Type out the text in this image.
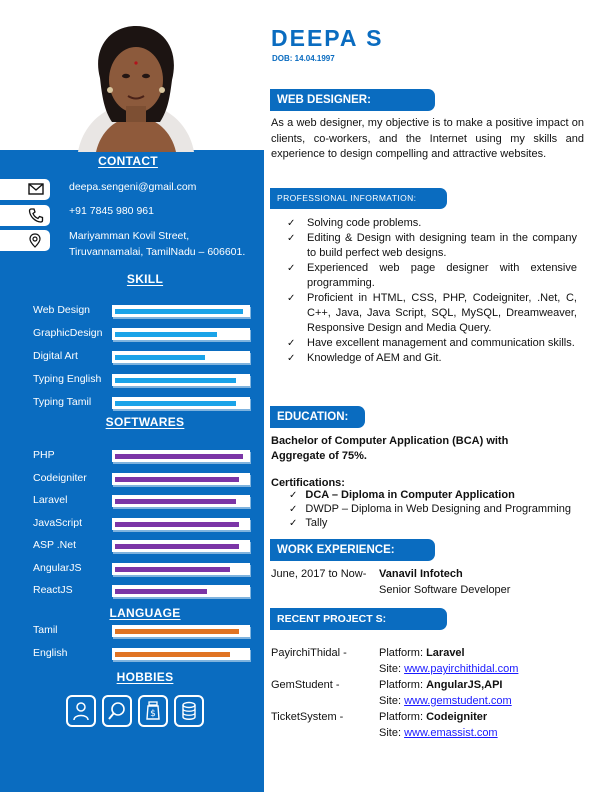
CONTACT
deepa.sengeni@gmail.com
+91 7845 980 961
Mariyamman Kovil Street,
Tiruvannamalai, TamilNadu – 606601.
SKILL
Web Design
GraphicDesign
Digital Art
Typing English
Typing Tamil
SOFTWARES
PHP
Codeigniter
Laravel
JavaScript
ASP .Net
AngularJS
ReactJS
LANGUAGE
Tamil
English
HOBBIES
$
DEEPA S
DOB: 14.04.1997
WEB DESIGNER:
As a web designer, my objective is to make a positive impact on clients, co-workers, and the Internet using my skills and experience to design compelling and attractive websites.
PROFESSIONAL INFORMATION:
✓ Solving code problems.
✓ Editing & Design with designing team in the company to build perfect web designs.
✓ Experienced web page designer with extensive programming.
✓ Proficient in HTML, CSS, PHP, Codeigniter, .Net, C, C++, Java, Java Script, SQL, MySQL, Dreamweaver, Responsive Design and Media Query.
✓ Have excellent management and communication skills.
✓ Knowledge of AEM and Git.
EDUCATION:
Bachelor of Computer Application (BCA) with
Aggregate of 75%.
Certifications:
✓ DCA – Diploma in Computer Application
✓ DWDP – Diploma in Web Designing and Programming
✓ Tally
WORK EXPERIENCE:
June, 2017 to Now- Vanavil Infotech
Senior Software Developer
RECENT PROJECT S:
PayirchiThidal -	Platform: Laravel
Site: www.payirchithidal.com
GemStudent -	Platform: AngularJS,API
Site: www.gemstudent.com
TicketSystem -	Platform: Codeigniter
Site: www.emassist.com
